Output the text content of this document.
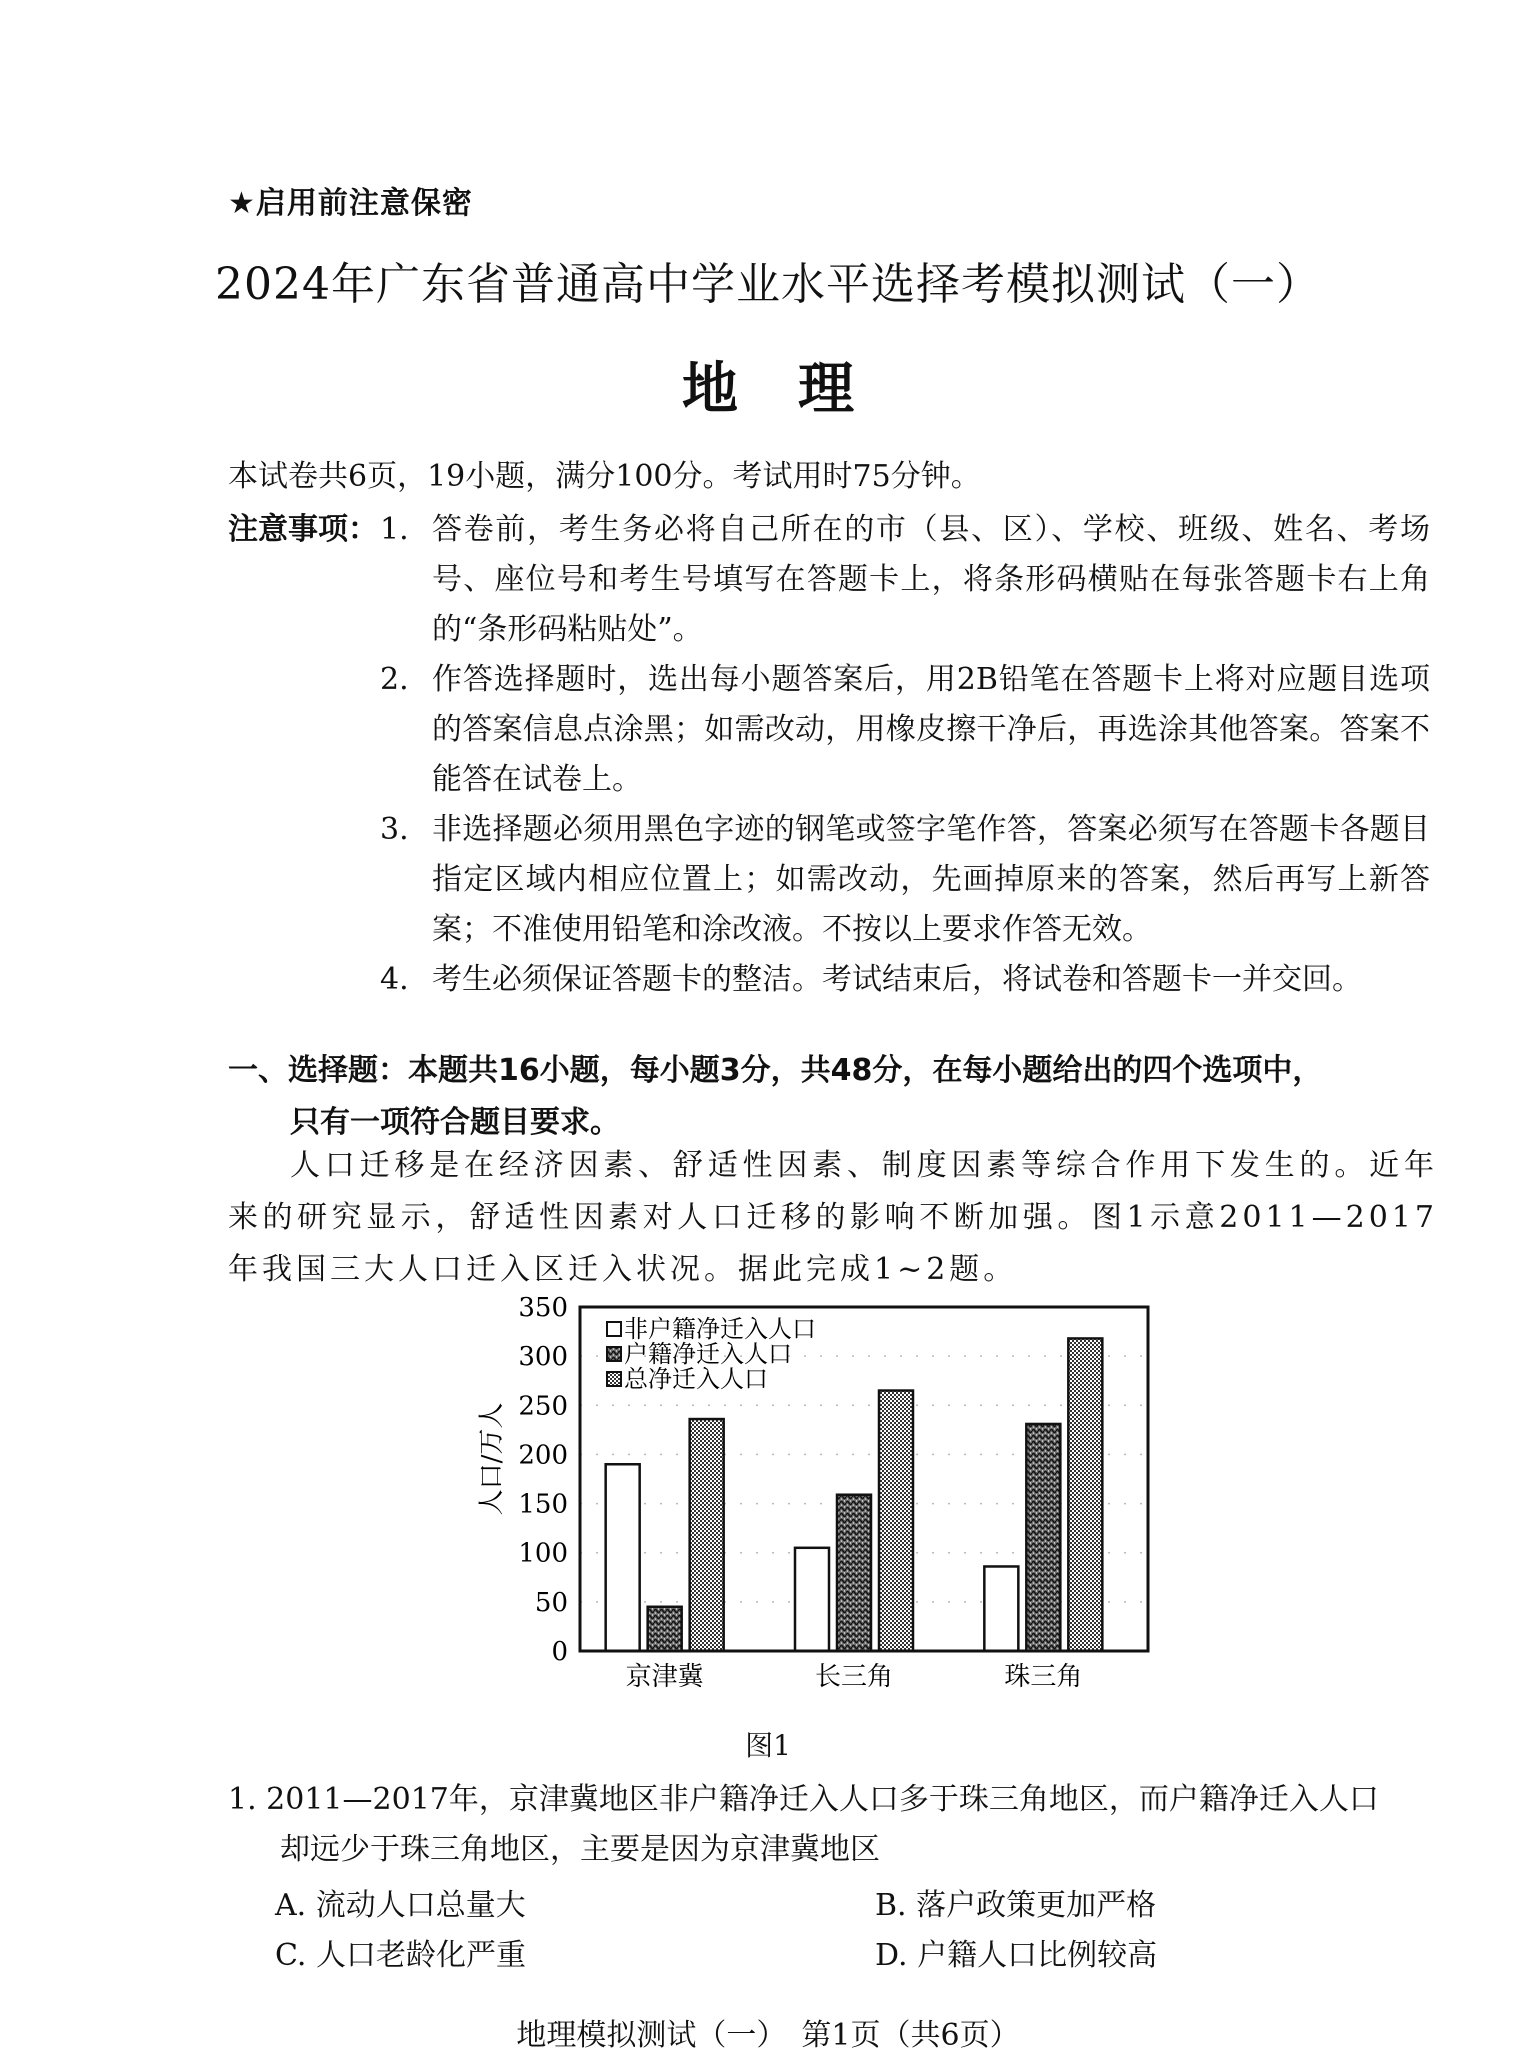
★启用前注意保密
2024年广东省普通高中学业水平选择考模拟测试（一）
地理
本试卷共6页，19小题，满分100分。考试用时75分钟。
注意事项： 1. 答卷前，考生务必将自己所在的市（县、区）、学校、班级、姓名、考场号、座位号和考生号填写在答题卡上，将条形码横贴在每张答题卡右上角的“条形码粘贴处”。
2. 作答选择题时，选出每小题答案后，用2B铅笔在答题卡上将对应题目选项的答案信息点涂黑；如需改动，用橡皮擦干净后，再选涂其他答案。答案不能答在试卷上。
3. 非选择题必须用黑色字迹的钢笔或签字笔作答，答案必须写在答题卡各题目指定区域内相应位置上；如需改动，先画掉原来的答案，然后再写上新答案；不准使用铅笔和涂改液。不按以上要求作答无效。
4. 考生必须保证答题卡的整洁。考试结束后，将试卷和答题卡一并交回。
一、选择题：本题共16小题，每小题3分，共48分，在每小题给出的四个选项中，
只有一项符合题目要求。
人口迁移是在经济因素、舒适性因素、制度因素等综合作用下发生的。近年来的研究显示，舒适性因素对人口迁移的影响不断加强。图1示意2011—2017年我国三大人口迁入区迁入状况。据此完成1~2题。
0
50
100
150
200
250
300
350
人口/万人
京津冀	长三角	珠三角
非户籍净迁入人口
户籍净迁入人口
总净迁入人口
图1
1. 2011—2017年，京津冀地区非户籍净迁入人口多于珠三角地区，而户籍净迁入人口
却远少于珠三角地区，主要是因为京津冀地区
A. 流动人口总量大	B. 落户政策更加严格
C. 人口老龄化严重	D. 户籍人口比例较高
地理模拟测试（一）　第1页（共6页）
